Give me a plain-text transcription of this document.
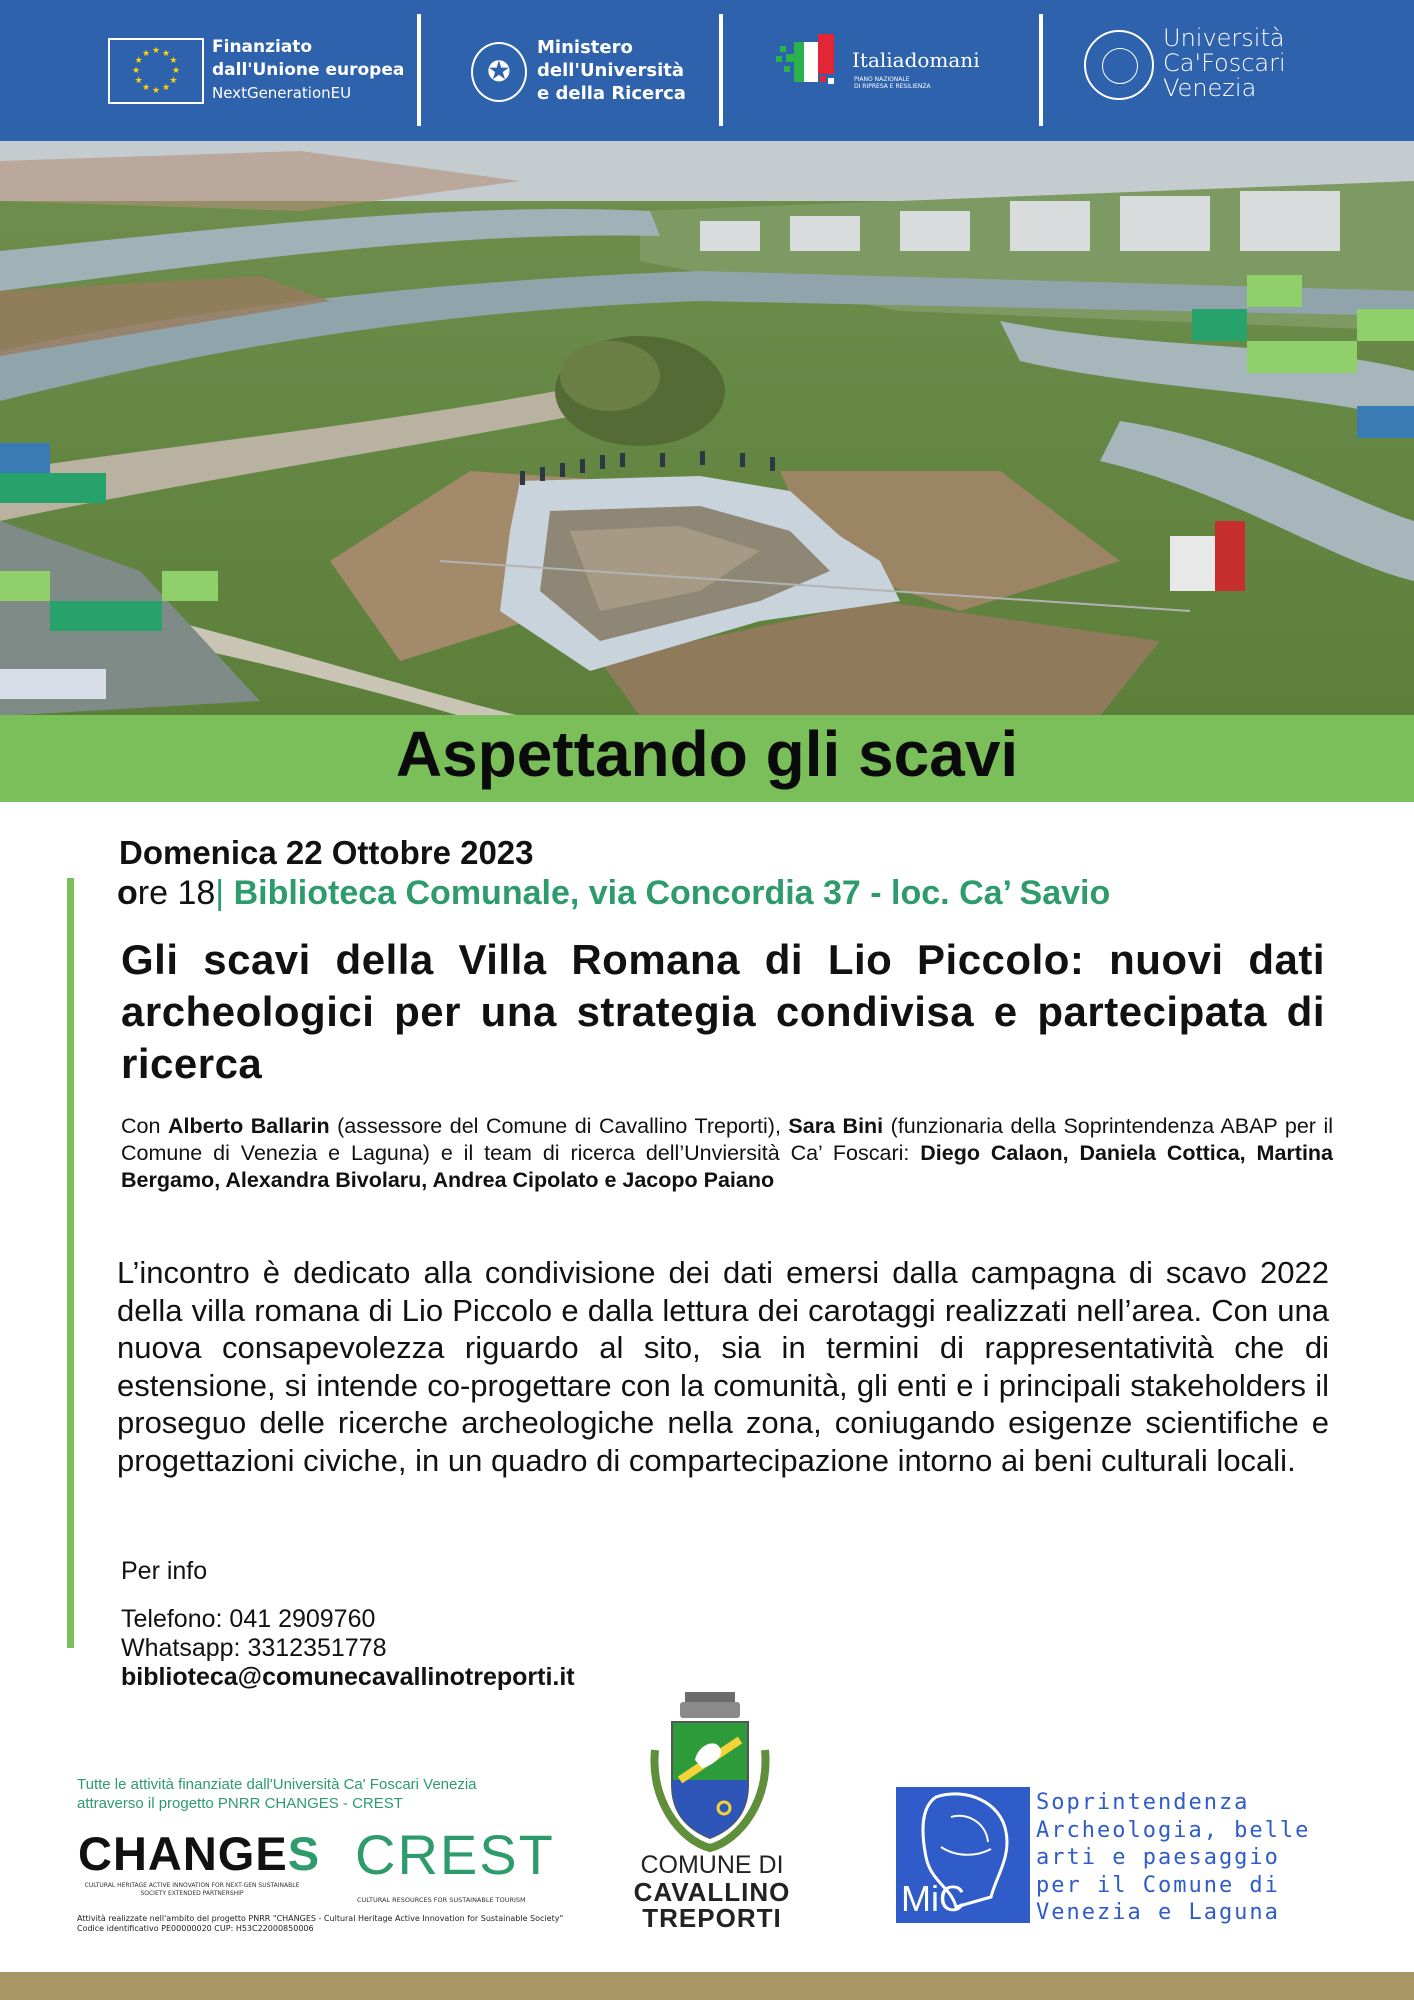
★ ★
★
★
★
★
★
★
★
★
★
★	Finanziato
dall'Unione europea
NextGenerationEU
✪
Ministero
dell'Università
e della Ricerca
Italiadomani
PIANO NAZIONALE
DI RIPRESA E RESILIENZA
Università
Ca'Foscari
Venezia
Aspettando gli scavi
Domenica 22 Ottobre 2023
ore 18| Biblioteca Comunale, via Concordia 37 - loc. Ca’ Savio
Gli scavi della Villa Romana di Lio Piccolo: nuovi dati archeologici per una strategia condivisa e partecipata di ricerca
Con Alberto Ballarin (assessore del Comune di Cavallino Treporti), Sara Bini (funzionaria della Soprintendenza ABAP per il Comune di Venezia e Laguna) e il team di ricerca dell’Unviersità Ca’ Foscari: Diego Calaon, Daniela Cottica, Martina Bergamo, Alexandra Bivolaru, Andrea Cipolato e Jacopo Paiano
L’incontro è dedicato alla condivisione dei dati emersi dalla campagna di scavo 2022 della villa romana di Lio Piccolo e dalla lettura dei carotaggi realizzati nell’area. Con una nuova consapevolezza riguardo al sito, sia in termini di rappresentatività che di estensione, si intende co-progettare con la comunità, gli enti e i principali stakeholders il proseguo delle ricerche archeologiche nella zona, coniugando esigenze scientifiche e progettazioni civiche, in un quadro di compartecipazione intorno ai beni culturali locali.
Per info
Telefono: 041 2909760
Whatsapp: 3312351778
biblioteca@comunecavallinotreporti.it
Tutte le attività finanziate dall'Università Ca' Foscari Venezia attraverso il progetto PNRR CHANGES - CREST
CHANGES
CULTURAL HERITAGE ACTIVE INNOVATION FOR NEXT-GEN SUSTAINABLE SOCIETY EXTENDED PARTNERSHIP
CREST
CULTURAL RESOURCES FOR SUSTAINABLE TOURISM
Attività realizzate nell'ambito del progetto PNRR "CHANGES - Cultural Heritage Active Innovation for Sustainable Society"
Codice identificativo PE00000020 CUP: H53C22000850006
COMUNE DI
CAVALLINO
TREPORTI	MiC
Soprintendenza
Archeologia, belle
arti e paesaggio
per il Comune di
Venezia e Laguna
